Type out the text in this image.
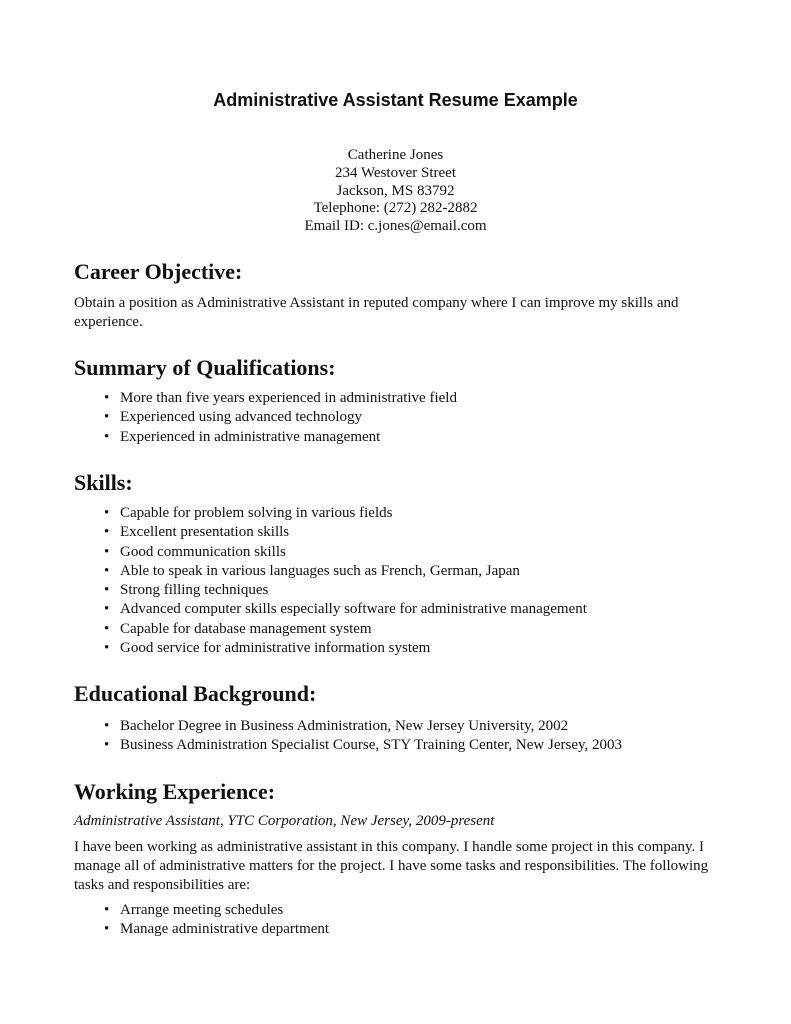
Administrative Assistant Resume Example
Catherine Jones
234 Westover Street
Jackson, MS 83792
Telephone: (272) 282-2882
Email ID: c.jones@email.com
Career Objective:
Obtain a position as Administrative Assistant in reputed company where I can improve my skills and experience.
Summary of Qualifications:
• More than five years experienced in administrative field
• Experienced using advanced technology
• Experienced in administrative management
Skills:
• Capable for problem solving in various fields
• Excellent presentation skills
• Good communication skills
• Able to speak in various languages such as French, German, Japan
• Strong filling techniques
• Advanced computer skills especially software for administrative management
• Capable for database management system
• Good service for administrative information system
Educational Background:
• Bachelor Degree in Business Administration, New Jersey University, 2002
• Business Administration Specialist Course, STY Training Center, New Jersey, 2003
Working Experience:
Administrative Assistant, YTC Corporation, New Jersey, 2009-present
I have been working as administrative assistant in this company. I handle some project in this company. I manage all of administrative matters for the project. I have some tasks and responsibilities. The following tasks and responsibilities are:
• Arrange meeting schedules
• Manage administrative department
